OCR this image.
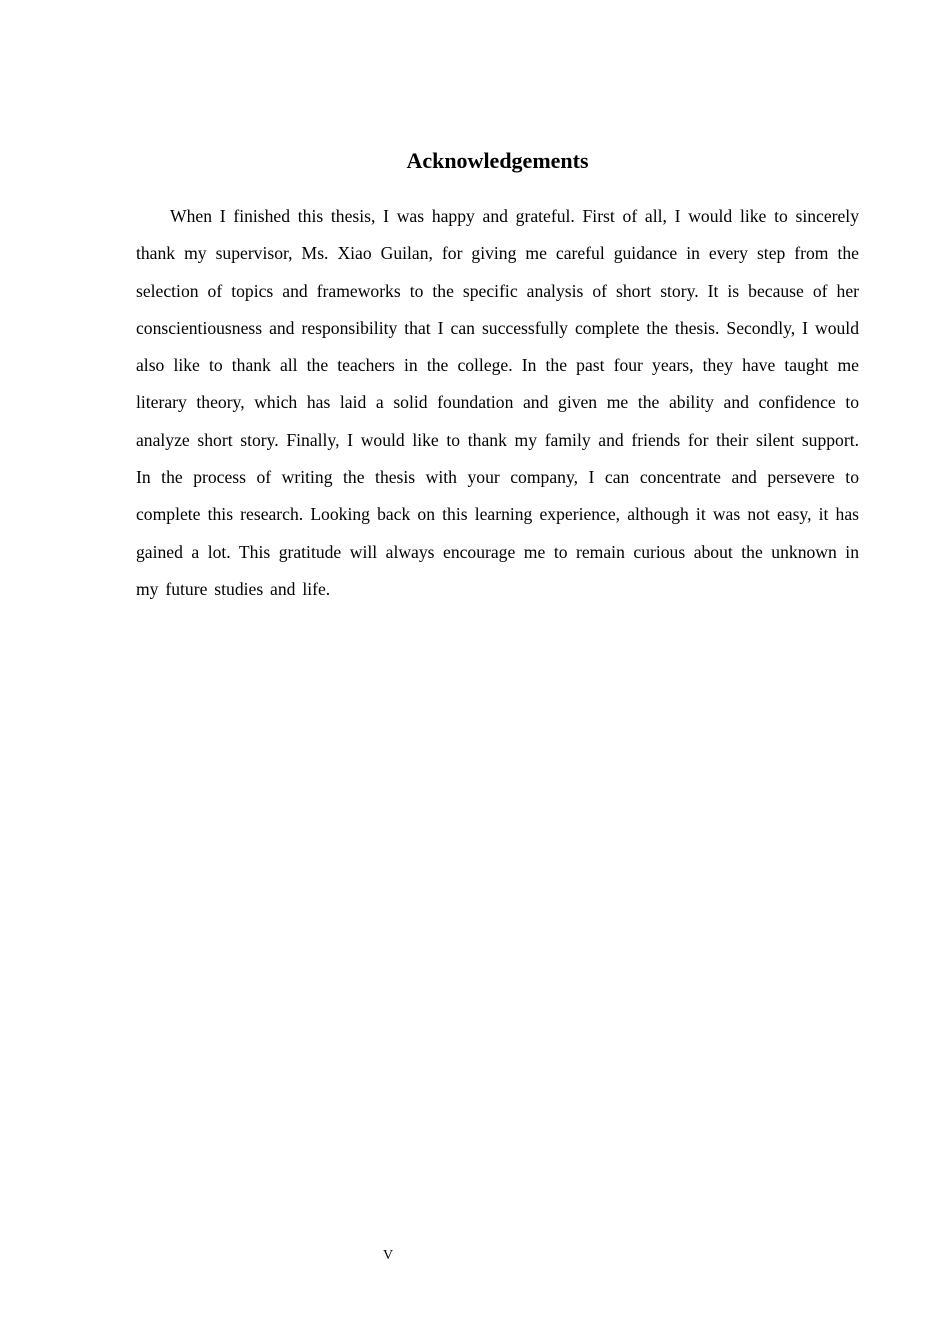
Acknowledgements

When I finished this thesis, I was happy and grateful. First of all, I would like to sincerely thank my supervisor, Ms. Xiao Guilan, for giving me careful guidance in every step from the selection of topics and frameworks to the specific analysis of short story. It is because of her conscientiousness and responsibility that I can successfully complete the thesis. Secondly, I would also like to thank all the teachers in the college. In the past four years, they have taught me literary theory, which has laid a solid foundation and given me the ability and confidence to analyze short story. Finally, I would like to thank my family and friends for their silent support. In the process of writing the thesis with your company, I can concentrate and persevere to complete this research. Looking back on this learning experience, although it was not easy, it has gained a lot. This gratitude will always encourage me to remain curious about the unknown in my future studies and life.

V
